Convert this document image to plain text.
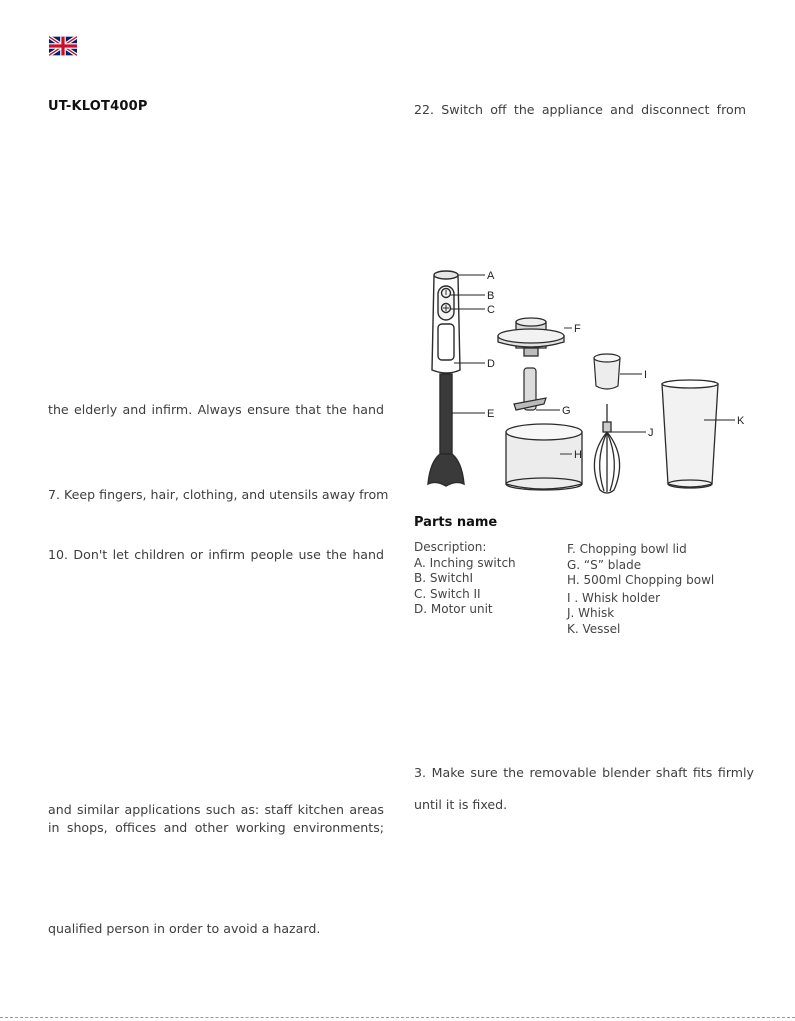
UT-KLOT400P
the elderly and infirm. Always ensure that the hand
7. Keep fingers, hair, clothing, and utensils away from
10. Don't let children or infirm people use the hand
and similar applications such as: staff kitchen areas
in shops, offices and other working environments;
qualified person in order to avoid a hazard.
22. Switch off the appliance and disconnect from
A
B
C
D
E
F
G
H
I
J
K
Parts name
Description:
A. Inching switch
B. SwitchI
C. Switch II
D. Motor unit
F. Chopping bowl lid
G. “S” blade
H. 500ml Chopping bowl
I . Whisk holder
J. Whisk
K. Vessel
3. Make sure the removable blender shaft fits firmly
until it is fixed.
